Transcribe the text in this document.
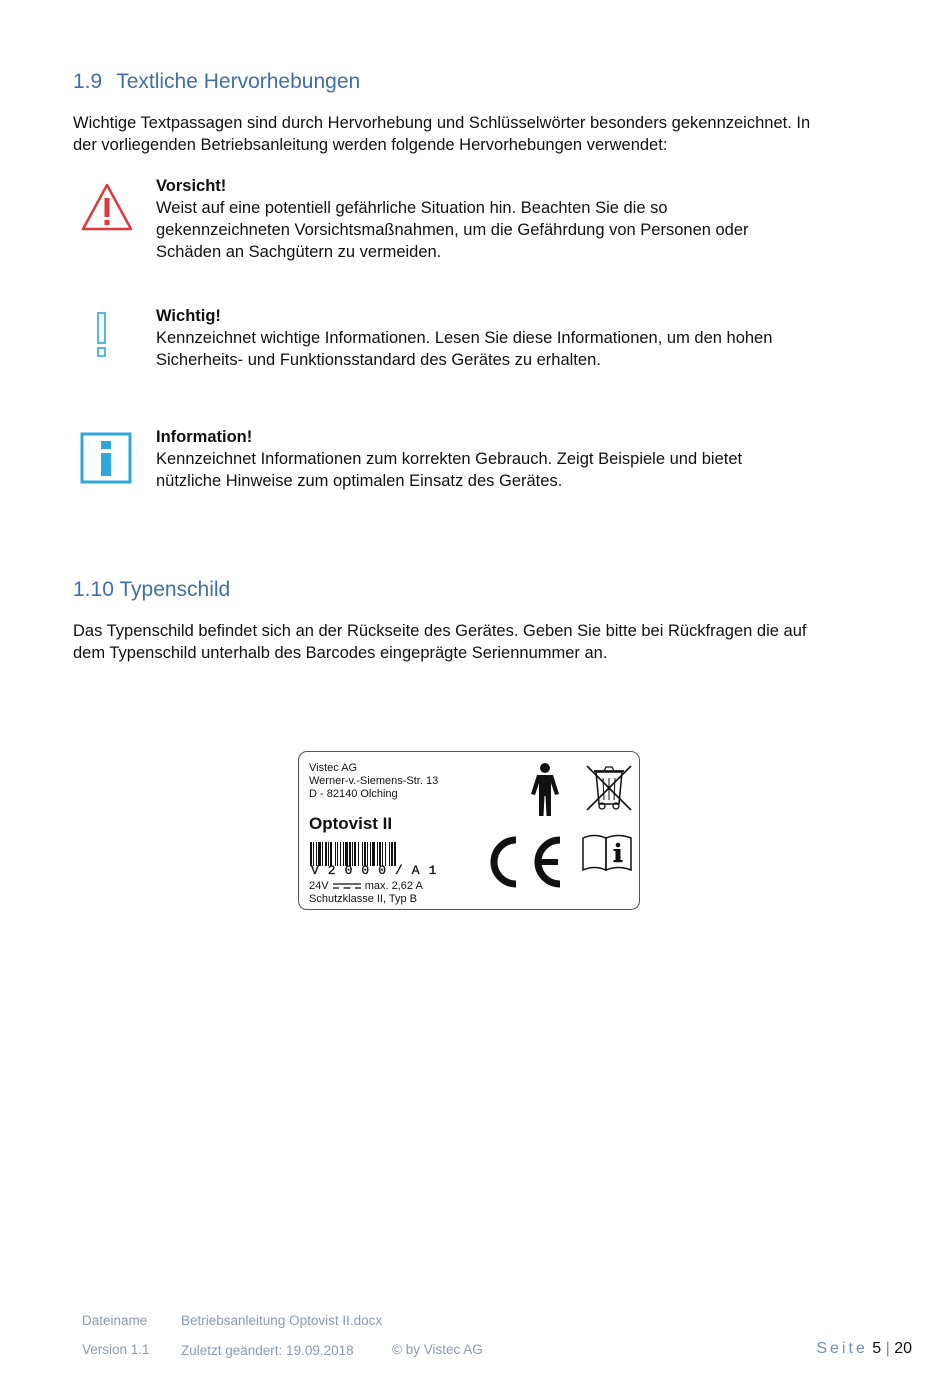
1.9 Textliche Hervorhebungen

Wichtige Textpassagen sind durch Hervorhebung und Schlüsselwörter besonders gekennzeichnet. In
der vorliegenden Betriebsanleitung werden folgende Hervorhebungen verwendet:

Vorsicht!
Weist auf eine potentiell gefährliche Situation hin. Beachten Sie die so
gekennzeichneten Vorsichtsmaßnahmen, um die Gefährdung von Personen oder
Schäden an Sachgütern zu vermeiden.
Wichtig!
Kennzeichnet wichtige Informationen. Lesen Sie diese Informationen, um den hohen
Sicherheits- und Funktionsstandard des Gerätes zu erhalten.
Information!
Kennzeichnet Informationen zum korrekten Gebrauch. Zeigt Beispiele und bietet
nützliche Hinweise zum optimalen Einsatz des Gerätes.
1.10 Typenschild

Das Typenschild befindet sich an der Rückseite des Gerätes. Geben Sie bitte bei Rückfragen die auf
dem Typenschild unterhalb des Barcodes eingeprägte Seriennummer an.

Vistec AG
Werner-v.-Siemens-Str. 13
D - 82140 Olching
Optovist II
V2000/A1
24V	max. 2,62 A
Schutzklasse II, Typ B
Dateiname Betriebsanleitung Optovist II.docx
Version 1.1 Zuletzt geändert: 19.09.2018	© by Vistec AG	Seite 5 | 20
